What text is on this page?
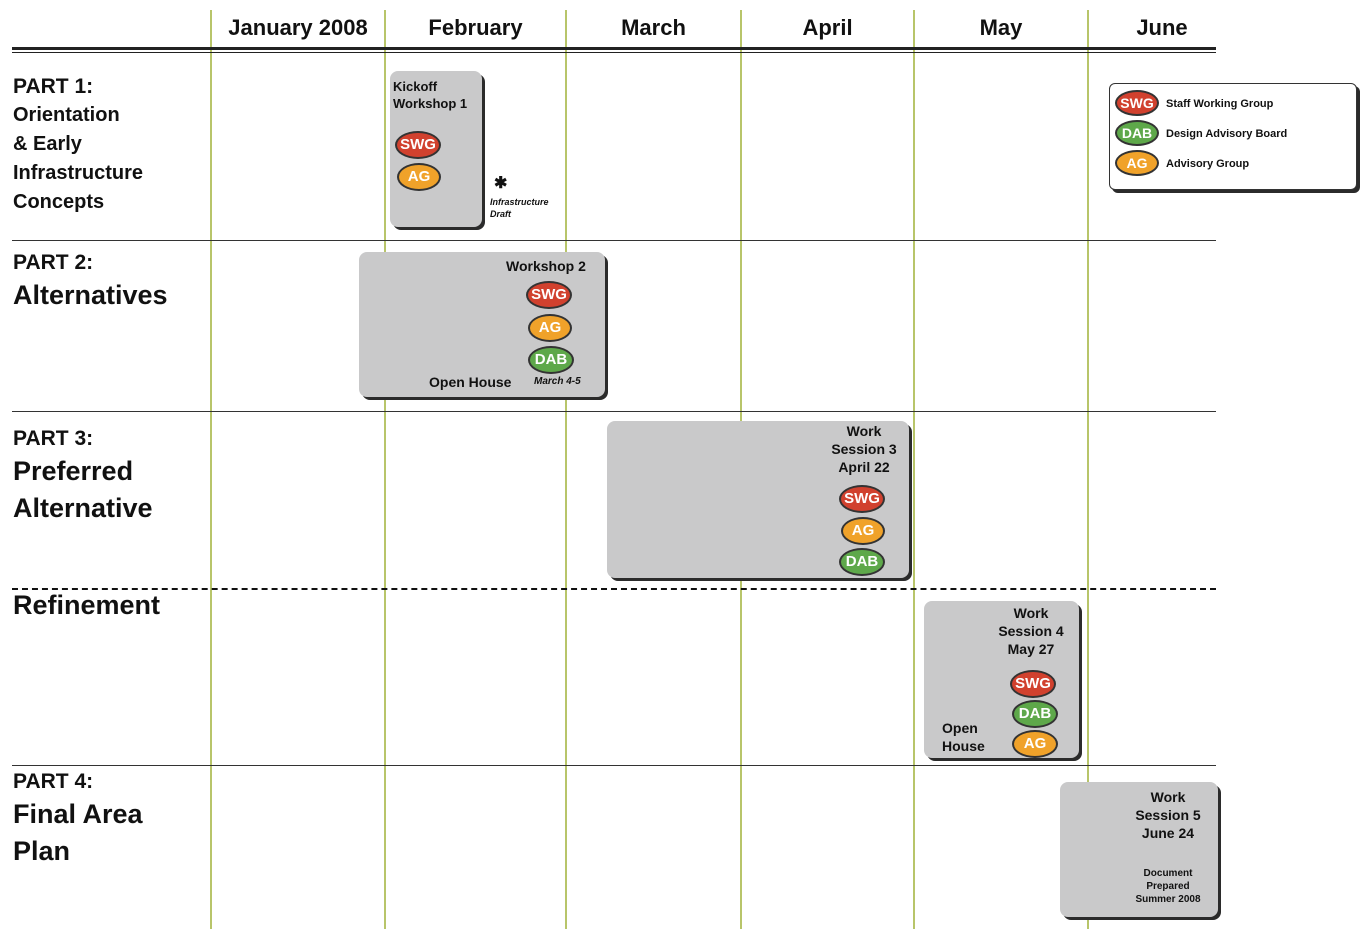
January 2008	February	March	April	May	June
PART 1:
Orientation
& Early
Infrastructure
Concepts
PART 2:
Alternatives
PART 3:
Preferred
Alternative
Refinement
PART 4:
Final Area
Plan
Kickoff
Workshop 1
SWG
AG	✱
Infrastructure
Draft
SWG	Staff Working Group
DAB	Design Advisory Board
AG	Advisory Group
Workshop 2
SWG
AG
DAB
Open House March 4-5
Work
Session 3
April 22
SWG
AG
DAB
Work
Session 4
May 27
SWG
DAB
AG
Open
House
Work
Session 5
June 24
Document
Prepared
Summer 2008
